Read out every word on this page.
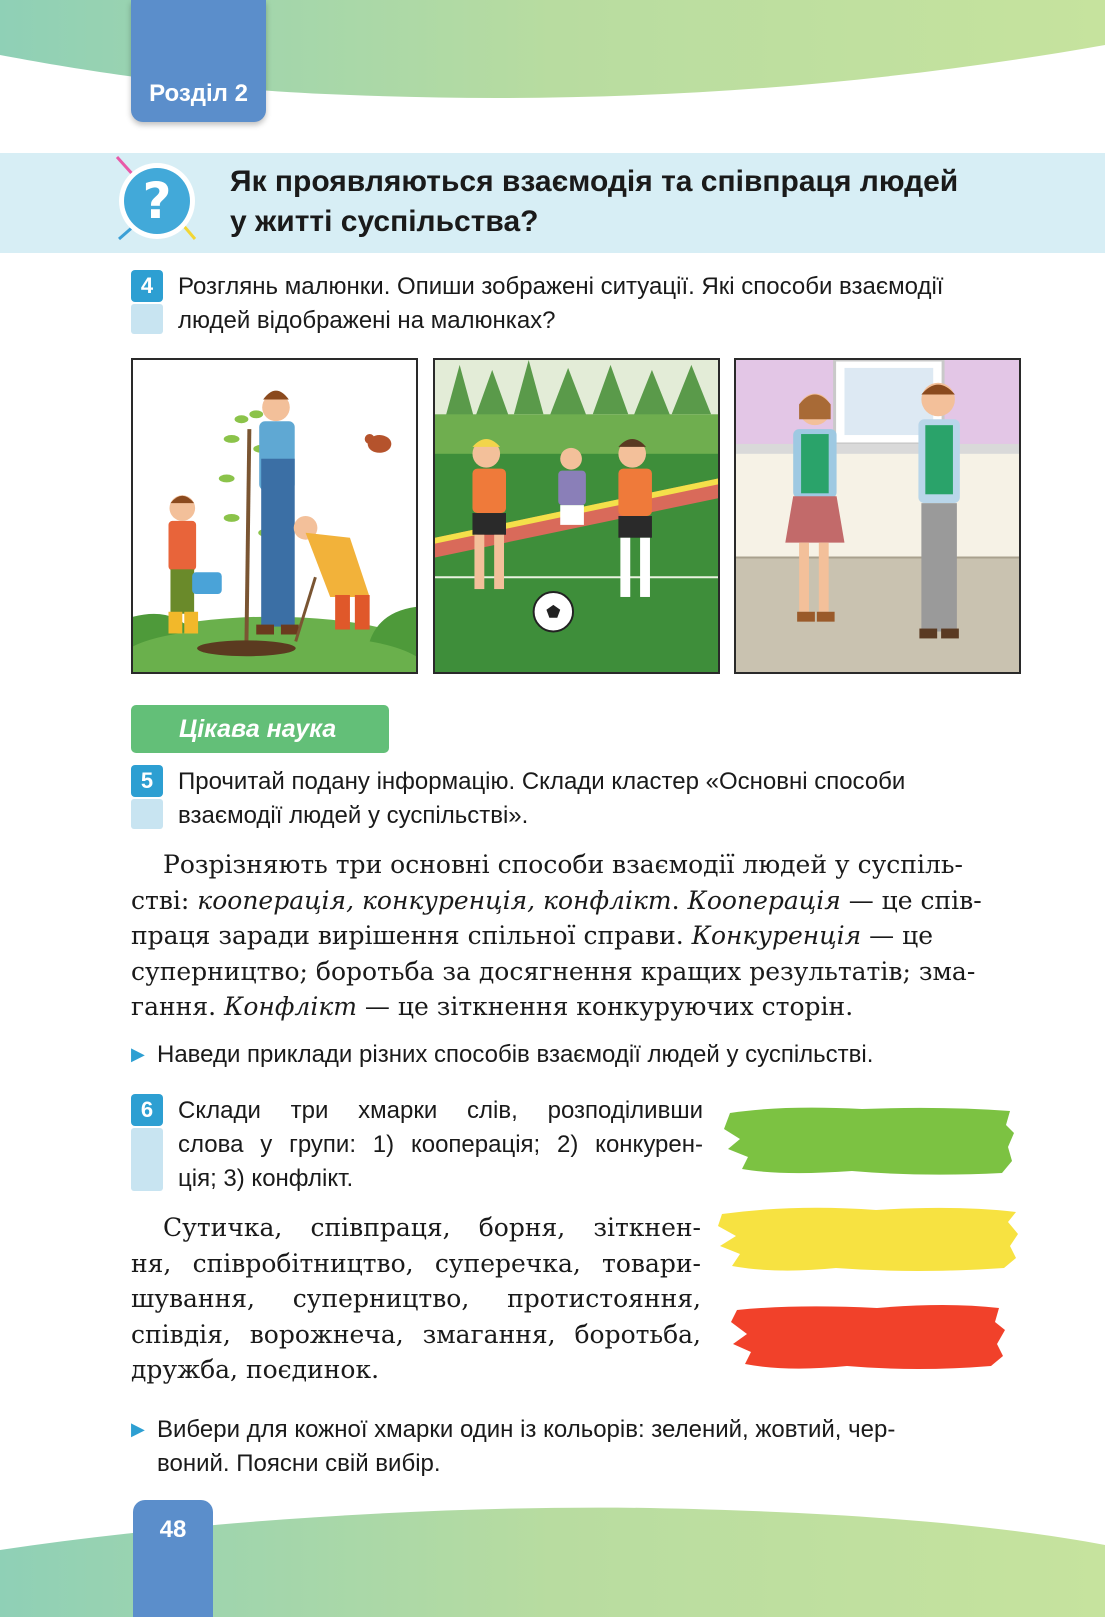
Розділ 2
? Як проявляються взаємодія та співпраця людей
у житті суспільства?
4	Розглянь малюнки. Опиши зображені ситуації. Які способи взаємодії
людей відображені на малюнках?
Цікава наука
5	Прочитай подану інформацію. Склади кластер «Основні способи
взаємодії людей у суспільстві».
Розрізняють три основні способи взаємодії людей у суспіль-
стві: кооперація, конкуренція, конфлікт. Кооперація — це спів-
праця заради вирішення спільної справи. Конкуренція — це
суперництво; боротьба за досягнення кращих результатів; зма-
гання. Конфлікт — це зіткнення конкуруючих сторін.
▶ Наведи приклади різних способів взаємодії людей у суспільстві.
6	Склади три хмарки слів, розподіливши
слова у групи: 1) кооперація; 2) конкурен-
ція; 3) конфлікт.
Сутичка, співпраця, борня, зіткнен-
ня, співробітництво, суперечка, товари-
шування, суперництво, протистояння,
співдія, ворожнеча, змагання, боротьба,
дружба, поєдинок.
▶ Вибери для кожної хмарки один із кольорів: зелений, жовтий, чер-
воний. Поясни свій вибір.
48
